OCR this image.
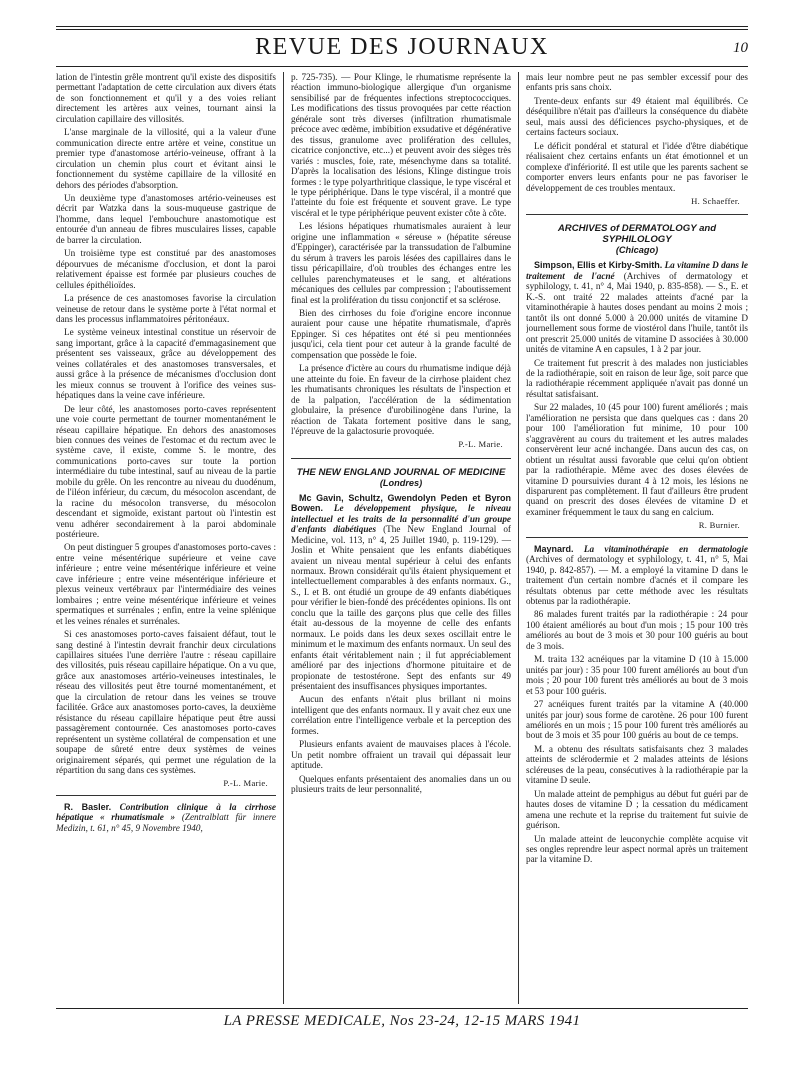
REVUE DES JOURNAUX	10

lation de l'intestin grêle montrent qu'il existe des dispositifs permettant l'adaptation de cette circulation aux divers états de son fonctionnement et qu'il y a des voies reliant directement les artères aux veines, tournant ainsi la circulation capillaire des villosités.

L'anse marginale de la villosité, qui a la valeur d'une communication directe entre artère et veine, constitue un premier type d'anastomose artério-veineuse, offrant à la circulation un chemin plus court et évitant ainsi le fonctionnement du système capillaire de la villosité en dehors des périodes d'absorption.

Un deuxième type d'anastomoses artério-veineuses est décrit par Watzka dans la sous-muqueuse gastrique de l'homme, dans lequel l'embouchure anastomotique est entourée d'un anneau de fibres musculaires lisses, capable de barrer la circulation.

Un troisième type est constitué par des anastomoses dépourvues de mécanisme d'occlusion, et dont la paroi relativement épaisse est formée par plusieurs couches de cellules épithélioïdes.

La présence de ces anastomoses favorise la circulation veineuse de retour dans le système porte à l'état normal et dans les processus inflammatoires péritonéaux.

Le système veineux intestinal constitue un réservoir de sang important, grâce à la capacité d'emmagasinement que présentent ses vaisseaux, grâce au développement des veines collatérales et des anastomoses transversales, et aussi grâce à la présence de mécanismes d'occlusion dont les mieux connus se trouvent à l'orifice des veines sus-hépatiques dans la veine cave inférieure.

De leur côté, les anastomoses porto-caves représentent une voie courte permettant de tourner momentanément le réseau capillaire hépatique. En dehors des anastomoses bien connues des veines de l'estomac et du rectum avec le système cave, il existe, comme S. le montre, des communications porto-caves sur toute la portion intermédiaire du tube intestinal, sauf au niveau de la partie mobile du grêle. On les rencontre au niveau du duodénum, de l'iléon inférieur, du cæcum, du mésocolon ascendant, de la racine du mésocolon transverse, du mésocolon descendant et sigmoïde, existant partout où l'intestin est venu adhérer secondairement à la paroi abdominale postérieure.

On peut distinguer 5 groupes d'anastomoses porto-caves : entre veine mésentérique supérieure et veine cave inférieure ; entre veine mésentérique inférieure et veine cave inférieure ; entre veine mésentérique inférieure et plexus veineux vertébraux par l'intermédiaire des veines lombaires ; entre veine mésentérique inférieure et veines spermatiques et surrénales ; enfin, entre la veine splénique et les veines rénales et surrénales.

Si ces anastomoses porto-caves faisaient défaut, tout le sang destiné à l'intestin devrait franchir deux circulations capillaires situées l'une derrière l'autre : réseau capillaire des villosités, puis réseau capillaire hépatique. On a vu que, grâce aux anastomoses artério-veineuses intestinales, le réseau des villosités peut être tourné momentanément, et que la circulation de retour dans les veines se trouve facilitée. Grâce aux anastomoses porto-caves, la deuxième résistance du réseau capillaire hépatique peut être aussi passagèrement contournée. Ces anastomoses porto-caves représentent un système collatéral de compensation et une soupape de sûreté entre deux systèmes de veines originairement séparés, qui permet une régulation de la répartition du sang dans ces systèmes.

P.-L. Marie.

R. Basler. Contribution clinique à la cirrhose hépatique « rhumatismale » (Zentralblatt für innere Medizin, t. 61, n° 45, 9 Novembre 1940,

p. 725-735). — Pour Klinge, le rhumatisme représente la réaction immuno-biologique allergique d'un organisme sensibilisé par de fréquentes infections streptococciques. Les modifications des tissus provoquées par cette réaction générale sont très diverses (infiltration rhumatismale précoce avec œdème, imbibition exsudative et dégénérative des tissus, granulome avec prolifération des cellules, cicatrice conjonctive, etc...) et peuvent avoir des sièges très variés : muscles, foie, rate, mésenchyme dans sa totalité. D'après la localisation des lésions, Klinge distingue trois formes : le type polyarthritique classique, le type viscéral et le type périphérique. Dans le type viscéral, il a montré que l'atteinte du foie est fréquente et souvent grave. Le type viscéral et le type périphérique peuvent exister côte à côte.

Les lésions hépatiques rhumatismales auraient à leur origine une inflammation « séreuse » (hépatite séreuse d'Eppinger), caractérisée par la transsudation de l'albumine du sérum à travers les parois lésées des capillaires dans le tissu péricapillaire, d'où troubles des échanges entre les cellules parenchymateuses et le sang, et altérations mécaniques des cellules par compression ; l'aboutissement final est la prolifération du tissu conjonctif et sa sclérose.

Bien des cirrhoses du foie d'origine encore inconnue auraient pour cause une hépatite rhumatismale, d'après Eppinger. Si ces hépatites ont été si peu mentionnées jusqu'ici, cela tient pour cet auteur à la grande faculté de compensation que possède le foie.

La présence d'ictère au cours du rhumatisme indique déjà une atteinte du foie. En faveur de la cirrhose plaident chez les rhumatisants chroniques les résultats de l'inspection et de la palpation, l'accélération de la sédimentation globulaire, la présence d'urobilinogène dans l'urine, la réaction de Takata fortement positive dans le sang, l'épreuve de la galactosurie provoquée.

P.-L. Marie.

THE NEW ENGLAND JOURNAL OF MEDICINE
(Londres)

Mc Gavin, Schultz, Gwendolyn Peden et Byron Bowen. Le développement physique, le niveau intellectuel et les traits de la personnalité d'un groupe d'enfants diabétiques (The New England Journal of Medicine, vol. 113, n° 4, 25 Juillet 1940, p. 119-129). — Joslin et White pensaient que les enfants diabétiques avaient un niveau mental supérieur à celui des enfants normaux. Brown considérait qu'ils étaient physiquement et intellectuellement comparables à des enfants normaux. G., S., I. et B. ont étudié un groupe de 49 enfants diabétiques pour vérifier le bien-fondé des précédentes opinions. Ils ont conclu que la taille des garçons plus que celle des filles était au-dessous de la moyenne de celle des enfants normaux. Le poids dans les deux sexes oscillait entre le minimum et le maximum des enfants normaux. Un seul des enfants était véritablement nain ; il fut appréciablement amélioré par des injections d'hormone pituitaire et de propionate de testostérone. Sept des enfants sur 49 présentaient des insuffisances physiques importantes.

Aucun des enfants n'était plus brillant ni moins intelligent que des enfants normaux. Il y avait chez eux une corrélation entre l'intelligence verbale et la perception des formes.

Plusieurs enfants avaient de mauvaises places à l'école. Un petit nombre offraient un travail qui dépassait leur aptitude.

Quelques enfants présentaient des anomalies dans un ou plusieurs traits de leur personnalité,

mais leur nombre peut ne pas sembler excessif pour des enfants pris sans choix.

Trente-deux enfants sur 49 étaient mal équilibrés. Ce déséquilibre n'était pas d'ailleurs la conséquence du diabète seul, mais aussi des déficiences psycho-physiques, et de certains facteurs sociaux.

Le déficit pondéral et statural et l'idée d'être diabétique réalisaient chez certains enfants un état émotionnel et un complexe d'infériorité. Il est utile que les parents sachent se comporter envers leurs enfants pour ne pas favoriser le développement de ces troubles mentaux.

H. Schaeffer.

ARCHIVES of DERMATOLOGY and SYPHILOLOGY
(Chicago)

Simpson, Ellis et Kirby-Smith. La vitamine D dans le traitement de l'acné (Archives of dermatology et syphilology, t. 41, n° 4, Mai 1940, p. 835-858). — S., E. et K.-S. ont traité 22 malades atteints d'acné par la vitaminothérapie à hautes doses pendant au moins 2 mois ; tantôt ils ont donné 5.000 à 20.000 unités de vitamine D journellement sous forme de viostérol dans l'huile, tantôt ils ont prescrit 25.000 unités de vitamine D associées à 30.000 unités de vitamine A en capsules, 1 à 2 par jour.

Ce traitement fut prescrit à des malades non justiciables de la radiothérapie, soit en raison de leur âge, soit parce que la radiothérapie récemment appliquée n'avait pas donné un résultat satisfaisant.

Sur 22 malades, 10 (45 pour 100) furent améliorés ; mais l'amélioration ne persista que dans quelques cas : dans 20 pour 100 l'amélioration fut minime, 10 pour 100 s'aggravèrent au cours du traitement et les autres malades conservèrent leur acné inchangée. Dans aucun des cas, on obtient un résultat aussi favorable que celui qu'on obtient par la radiothérapie. Même avec des doses élevées de vitamine D poursuivies durant 4 à 12 mois, les lésions ne disparurent pas complètement. Il faut d'ailleurs être prudent quand on prescrit des doses élevées de vitamine D et examiner fréquemment le taux du sang en calcium.

R. Burnier.

Maynard. La vitaminothérapie en dermatologie (Archives of dermatology et syphilology, t. 41, n° 5, Mai 1940, p. 842-857). — M. a employé la vitamine D dans le traitement d'un certain nombre d'acnés et il compare les résultats obtenus par cette méthode avec les résultats obtenus par la radiothérapie.

86 malades furent traités par la radiothérapie : 24 pour 100 étaient améliorés au bout d'un mois ; 15 pour 100 très améliorés au bout de 3 mois et 30 pour 100 guéris au bout de 3 mois.

M. traita 132 acnéiques par la vitamine D (10 à 15.000 unités par jour) : 35 pour 100 furent améliorés au bout d'un mois ; 20 pour 100 furent très améliorés au bout de 3 mois et 53 pour 100 guéris.

27 acnéiques furent traités par la vitamine A (40.000 unités par jour) sous forme de carotène. 26 pour 100 furent améliorés en un mois ; 15 pour 100 furent très améliorés au bout de 3 mois et 35 pour 100 guéris au bout de ce temps.

M. a obtenu des résultats satisfaisants chez 3 malades atteints de sclérodermie et 2 malades atteints de lésions scléreuses de la peau, consécutives à la radiothérapie par la vitamine D seule.

Un malade atteint de pemphigus au début fut guéri par de hautes doses de vitamine D ; la cessation du médicament amena une rechute et la reprise du traitement fut suivie de guérison.

Un malade atteint de leuconychie complète acquise vit ses ongles reprendre leur aspect normal après un traitement par la vitamine D.

LA PRESSE MEDICALE, Nos 23-24, 12-15 MARS 1941
